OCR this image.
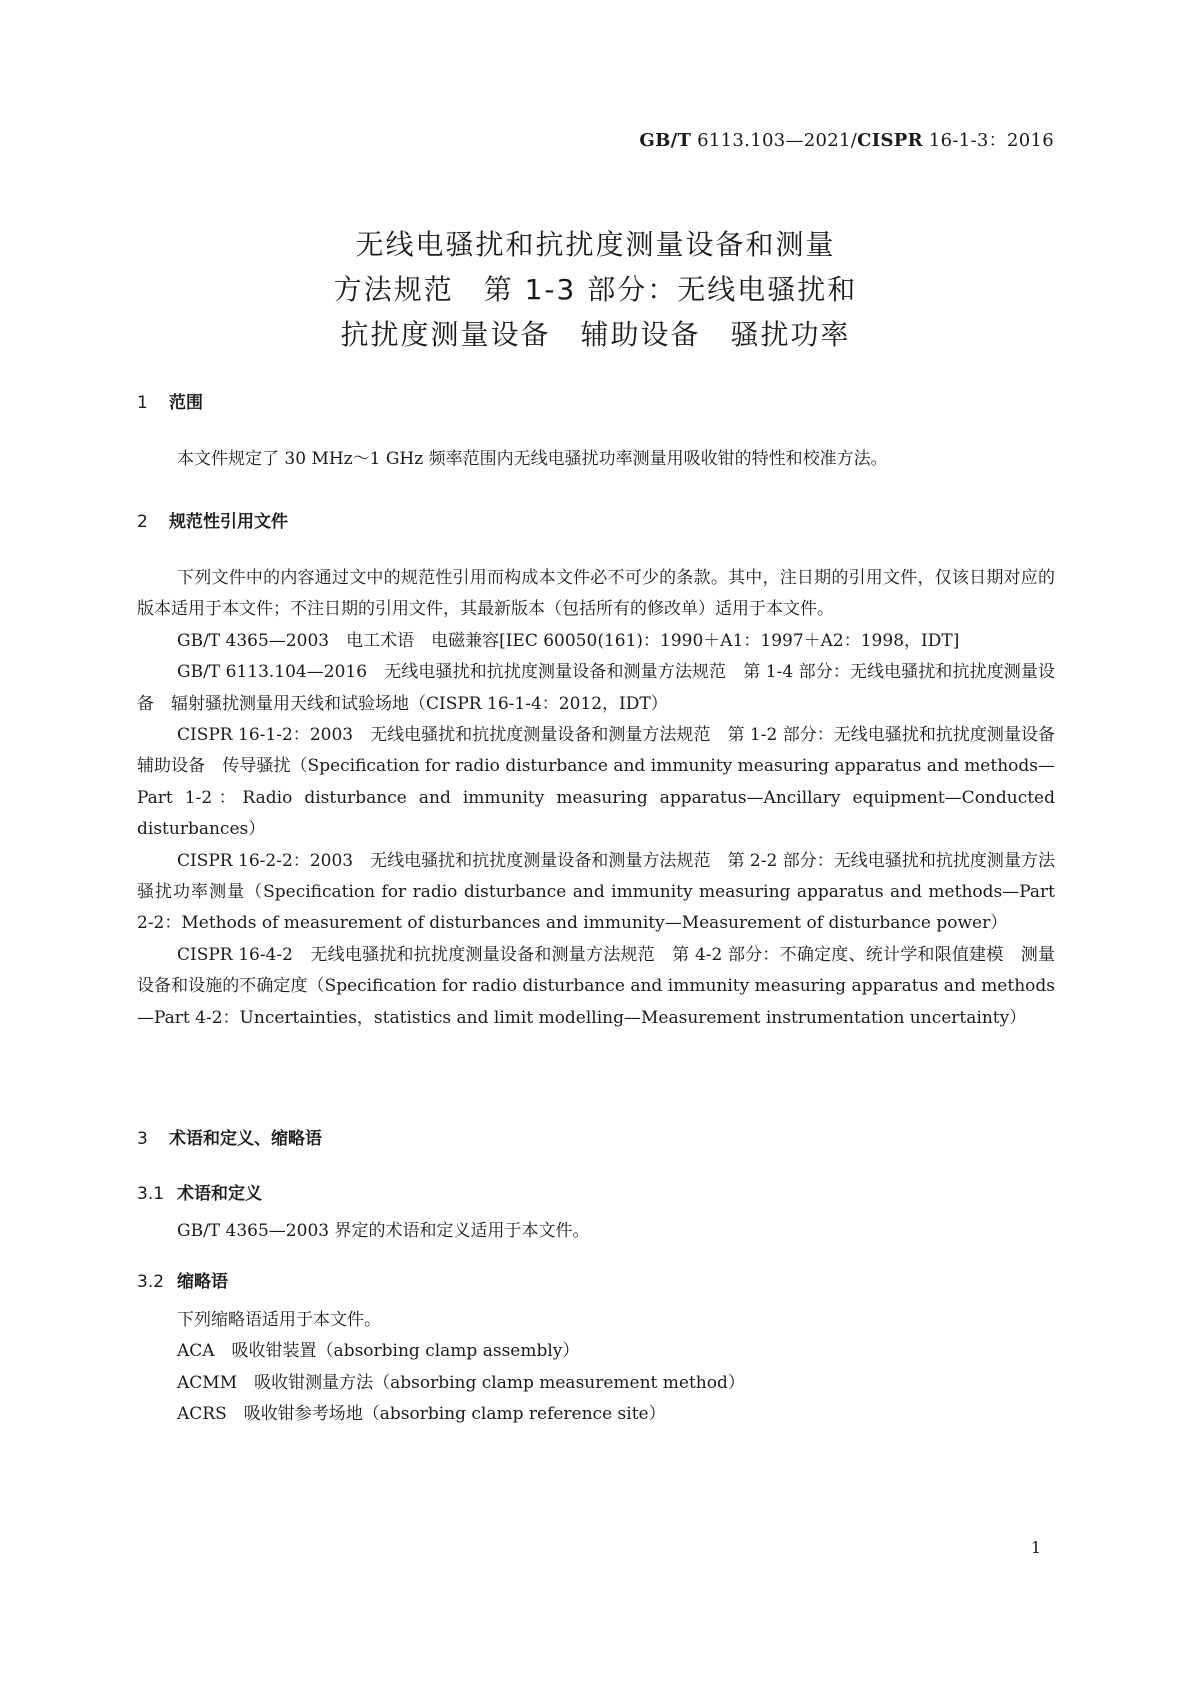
GB/T 6113.103—2021/CISPR 16-1-3：2016
无线电骚扰和抗扰度测量设备和测量
方法规范　第 1-3 部分：无线电骚扰和
抗扰度测量设备　辅助设备　骚扰功率
1 范围

本文件规定了 30 MHz～1 GHz 频率范围内无线电骚扰功率测量用吸收钳的特性和校准方法。

2 规范性引用文件

下列文件中的内容通过文中的规范性引用而构成本文件必不可少的条款。其中，注日期的引用文件，仅该日期对应的版本适用于本文件；不注日期的引用文件，其最新版本（包括所有的修改单）适用于本文件。

GB/T 4365—2003　电工术语　电磁兼容[IEC 60050(161)：1990＋A1：1997＋A2：1998，IDT]

GB/T 6113.104—2016　无线电骚扰和抗扰度测量设备和测量方法规范　第 1-4 部分：无线电骚扰和抗扰度测量设备　辐射骚扰测量用天线和试验场地（CISPR 16-1-4：2012，IDT）

CISPR 16-1-2：2003　无线电骚扰和抗扰度测量设备和测量方法规范　第 1-2 部分：无线电骚扰和抗扰度测量设备　辅助设备　传导骚扰（Specification for radio disturbance and immunity measuring apparatus and methods—Part 1-2：Radio disturbance and immunity measuring apparatus—Ancillary equipment—Conducted disturbances）

CISPR 16-2-2：2003　无线电骚扰和抗扰度测量设备和测量方法规范　第 2-2 部分：无线电骚扰和抗扰度测量方法　骚扰功率测量（Specification for radio disturbance and immunity measuring apparatus and methods—Part 2-2：Methods of measurement of disturbances and immunity—Measurement of disturbance power）

CISPR 16-4-2　无线电骚扰和抗扰度测量设备和测量方法规范　第 4-2 部分：不确定度、统计学和限值建模　测量设备和设施的不确定度（Specification for radio disturbance and immunity measuring apparatus and methods—Part 4-2：Uncertainties，statistics and limit modelling—Measurement instrumentation uncertainty）

3 术语和定义、缩略语
3.1 术语和定义

GB/T 4365—2003 界定的术语和定义适用于本文件。

3.2 缩略语

下列缩略语适用于本文件。

ACA　吸收钳装置（absorbing clamp assembly）

ACMM　吸收钳测量方法（absorbing clamp measurement method）

ACRS　吸收钳参考场地（absorbing clamp reference site）

1
